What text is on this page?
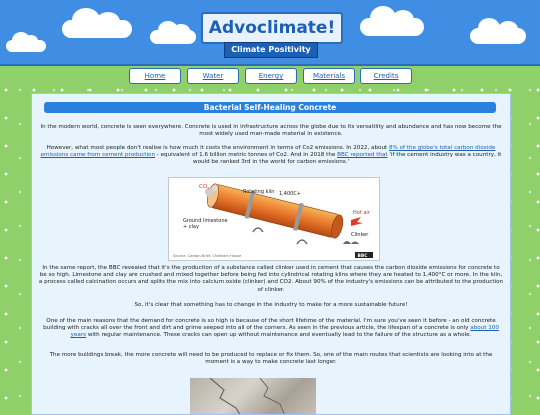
Advoclimate!
Climate Positivity
Home	Water	Energy	Materials	Credits
Bacterial Self-Healing Concrete

In the modern world, concrete is seen everywhere. Concrete is used in infrastructure across the globe due to its versatility and abundance and has now become the most widely used man-made material in existence.

However, what most people don't realise is how much it costs the environment in terms of Co2 emissions. In 2022, about 8% of the globe's total carbon dioxide emissions came from cement production - equivalent of 1.6 billion metric tonnes of Co2. And in 2018 the BBC reported that 'if the cement industry was a country, it would be ranked 3rd in the world for carbon emissions.'

$CO_2$
Rotating kiln 1,400C+
Ground limestone
+ clay
Hot air
Clinker
Source: Carbon Brief, Chatham House	BBC

In the same report, the BBC revealed that it's the production of a substance called clinker used in cement that causes the carbon dioxide emissions for concrete to be so high. Limestone and clay are crushed and mixed together before being fed into cylindrical rotating kilns where they are heated to 1,400°C or more. In the kiln, a process called calcination occurs and splits the mix into calcium oxide (clinker) and CO2. About 90% of the industry's emissions can be attributed to the production of clinker.

So, it's clear that something has to change in the industry to make for a more sustainable future!

One of the main reasons that the demand for concrete is so high is because of the short lifetime of the material. I'm sure you've seen it before - an old concrete building with cracks all over the front and dirt and grime seeped into all of the corners. As seen in the previous article, the lifespan of a concrete is only about 100 years with regular maintenance. These cracks can open up without maintenance and eventually lead to the failure of the structure as a whole.

The more buildings break, the more concrete will need to be produced to replace or fix them. So, one of the main routes that scientists are looking into at the moment is a way to make concrete last longer.
